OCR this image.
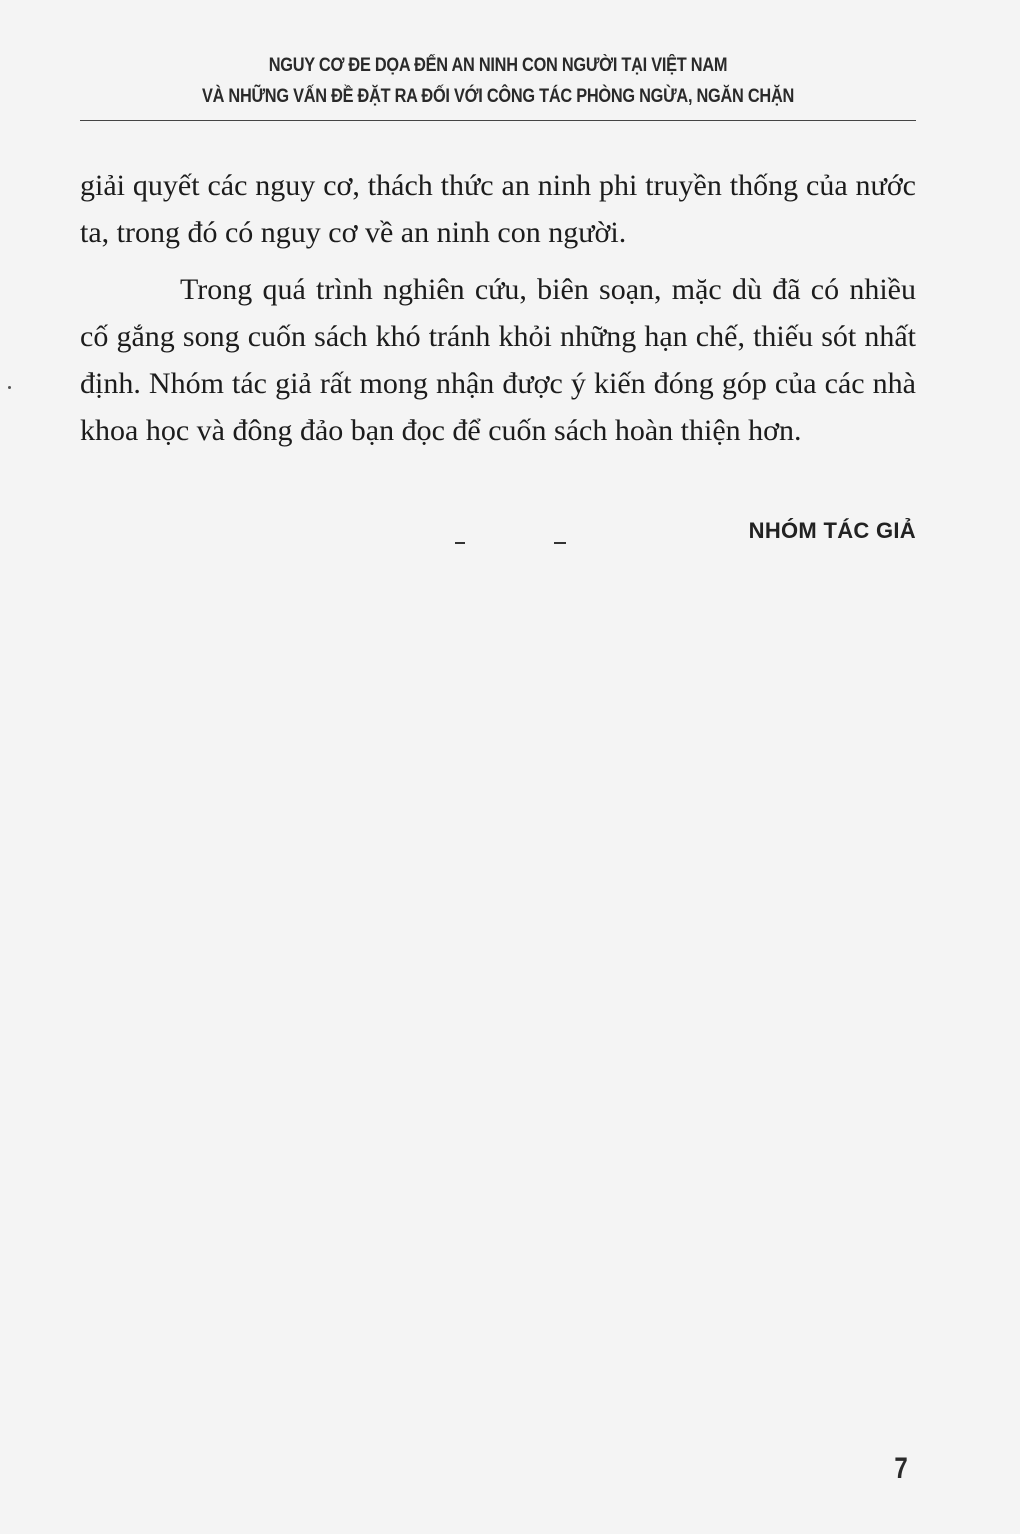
NGUY CƠ ĐE DỌA ĐẾN AN NINH CON NGƯỜI TẠI VIỆT NAM
VÀ NHỮNG VẤN ĐỀ ĐẶT RA ĐỐI VỚI CÔNG TÁC PHÒNG NGỪA, NGĂN CHẶN

giải quyết các nguy cơ, thách thức an ninh phi truyền thống của nước ta, trong đó có nguy cơ về an ninh con người.

Trong quá trình nghiên cứu, biên soạn, mặc dù đã có nhiều cố gắng song cuốn sách khó tránh khỏi những hạn chế, thiếu sót nhất định. Nhóm tác giả rất mong nhận được ý kiến đóng góp của các nhà khoa học và đông đảo bạn đọc để cuốn sách hoàn thiện hơn.

NHÓM TÁC GIẢ
7
